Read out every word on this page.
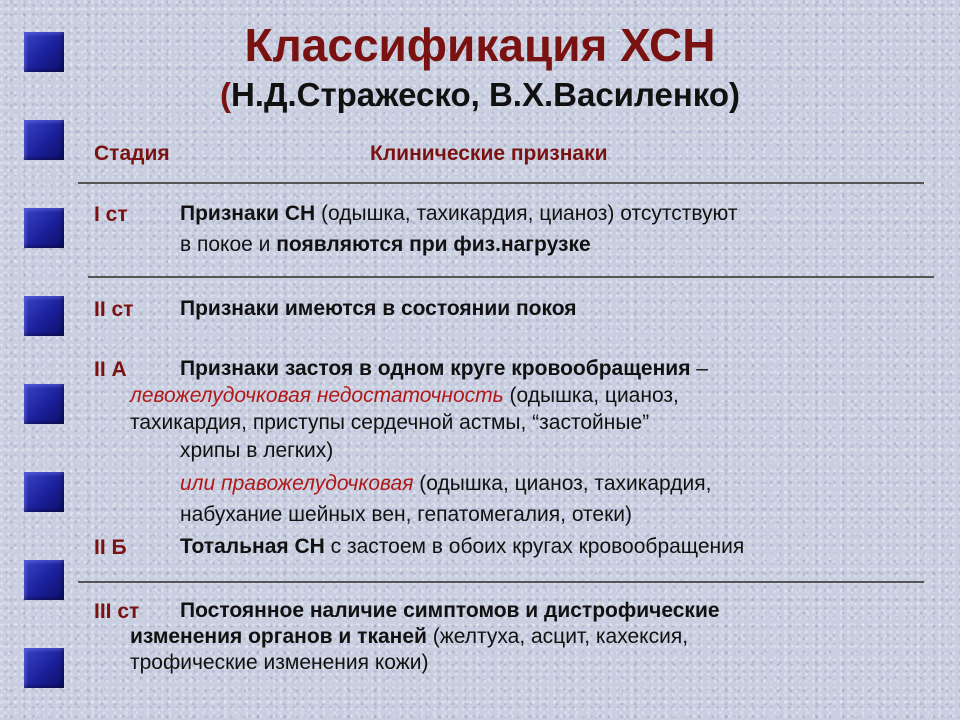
Классификация ХСН
(Н.Д.Стражеско, В.Х.Василенко)
Стадия	Клинические признаки
I ст Признаки СН (одышка, тахикардия, цианоз) отсутствуют
в покое и появляются при физ.нагрузке
II ст Признаки имеются в состоянии покоя
II А	Признаки застоя в одном круге кровообращения –
левожелудочковая недостаточность (одышка, цианоз,
тахикардия, приступы сердечной астмы, “застойные”
хрипы в легких)
или правожелудочковая (одышка, цианоз, тахикардия,
набухание шейных вен, гепатомегалия, отеки)
II Б	Тотальная СН с застоем в обоих кругах кровообращения
III ст Постоянное наличие симптомов и дистрофические
изменения органов и тканей (желтуха, асцит, кахексия,
трофические изменения кожи)
